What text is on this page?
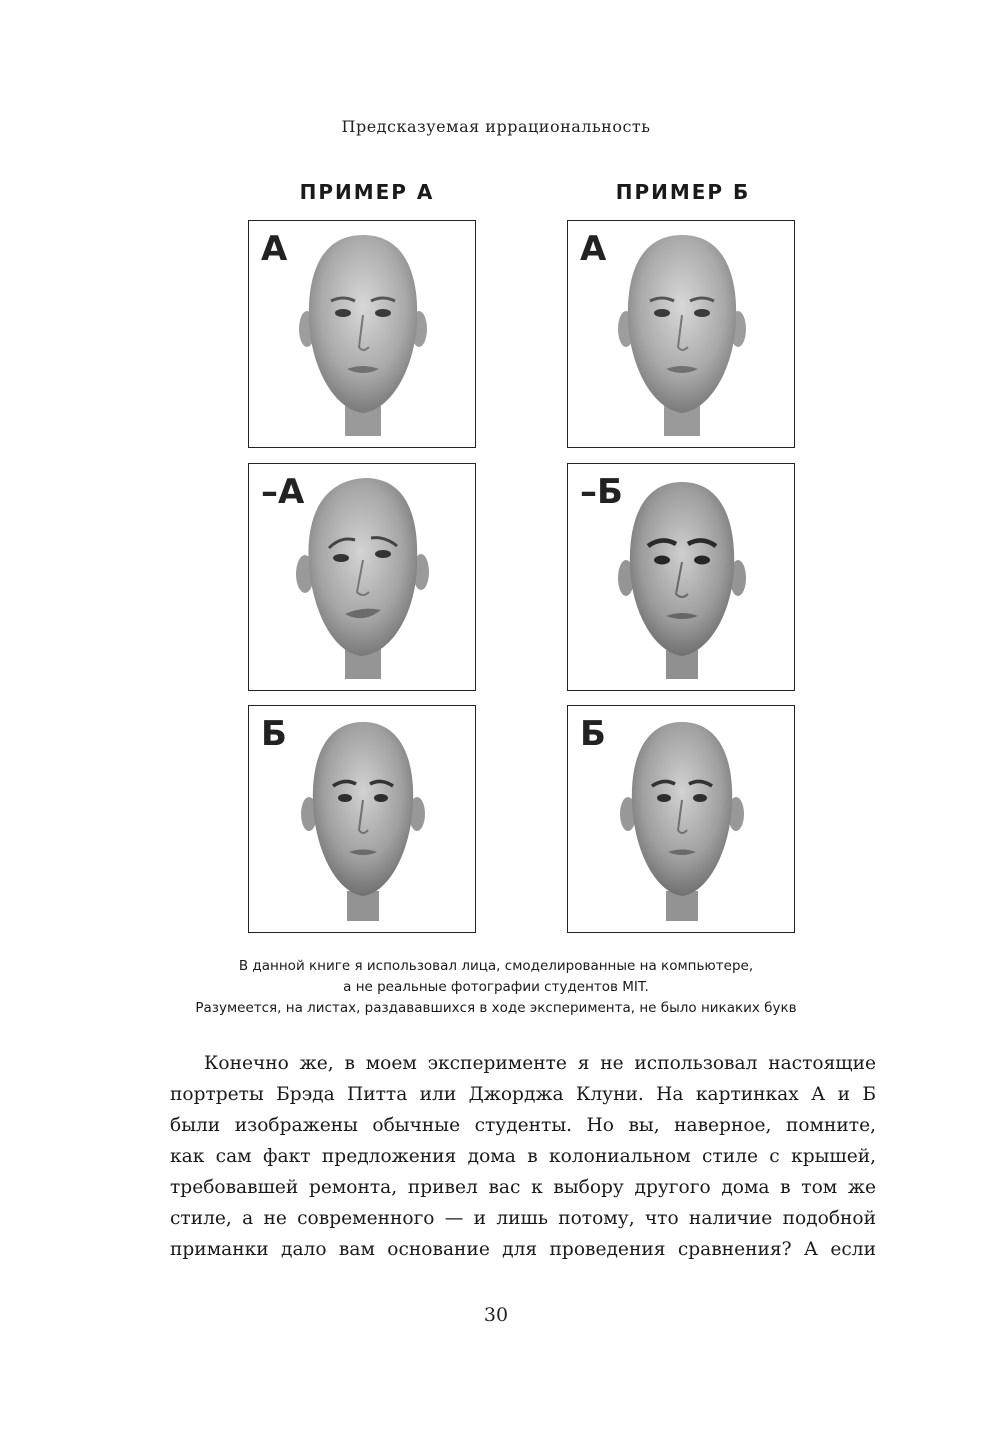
Предсказуемая иррациональность
ПРИМЕР А	ПРИМЕР Б
А
–А
Б
А
–Б
Б
В данной книге я использовал лица, смоделированные на компьютере,
а не реальные фотографии студентов MIT.
Разумеется, на листах, раздававшихся в ходе эксперимента, не было никаких букв
Конечно же, в моем эксперименте я не использовал настоящие
портреты Брэда Питта или Джорджа Клуни. На картинках А и Б
были изображены обычные студенты. Но вы, наверное, помните,
как сам факт предложения дома в колониальном стиле с крышей,
требовавшей ремонта, привел вас к выбору другого дома в том же
стиле, а не современного — и лишь потому, что наличие подобной
приманки дало вам основание для проведения сравнения? А если
30
